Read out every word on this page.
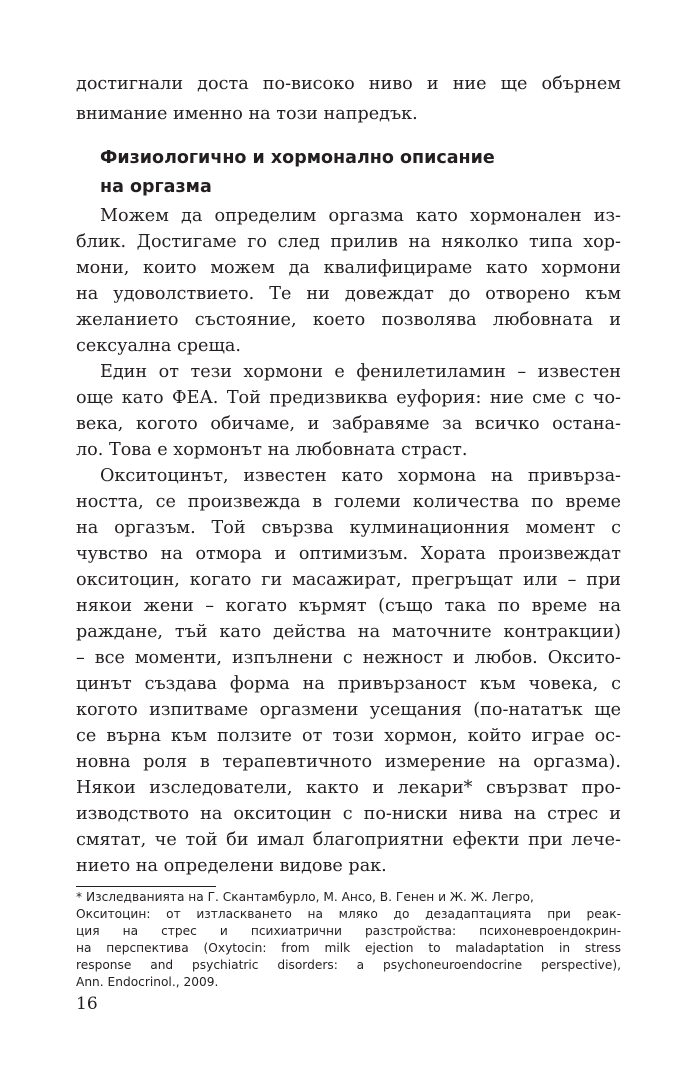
достигнали доста по-високо ниво и ние ще обърнем

внимание именно на този напредък.

Физиологично и хормонално описание

на оргазма

Можем да определим оргазма като хормонален из-

блик. Достигаме го след прилив на няколко типа хор-

мони, които можем да квалифицираме като хормони

на удоволствието. Те ни довеждат до отворено към

желанието състояние, което позволява любовната и

сексуална среща.

Един от тези хормони е фенилетиламин – известен

още като ФЕА. Той предизвиква еуфория: ние сме с чо-

века, когото обичаме, и забравяме за всичко остана-

ло. Това е хормонът на любовната страст.

Окситоцинът, известен като хормона на привърза-

ността, се произвежда в големи количества по време

на оргазъм. Той свързва кулминационния момент с

чувство на отмора и оптимизъм. Хората произвеждат

окситоцин, когато ги масажират, прегръщат или – при

някои жени – когато кърмят (също така по време на

раждане, тъй като действа на маточните контракции)

– все моменти, изпълнени с нежност и любов. Оксито-

цинът създава форма на привързаност към човека, с

когото изпитваме оргазмени усещания (по-нататък ще

се върна към ползите от този хормон, който играе ос-

новна роля в терапевтичното измерение на оргазма).

Някои изследователи, както и лекари* свързват про-

изводството на окситоцин с по-ниски нива на стрес и

смятат, че той би имал благоприятни ефекти при лече-

нието на определени видове рак.

* Изследванията на Г. Скантамбурло, М. Ансо, В. Генен и Ж. Ж. Легро,

Окситоцин: от изтласкването на мляко до дезадаптацията при реак-

ция на стрес и психиатрични разстройства: психоневроендокрин-

на перспектива (Oxytocin: from milk ejection to maladaptation in stress

response and psychiatric disorders: a psychoneuroendocrine perspective),

Ann. Endocrinol., 2009.

16
